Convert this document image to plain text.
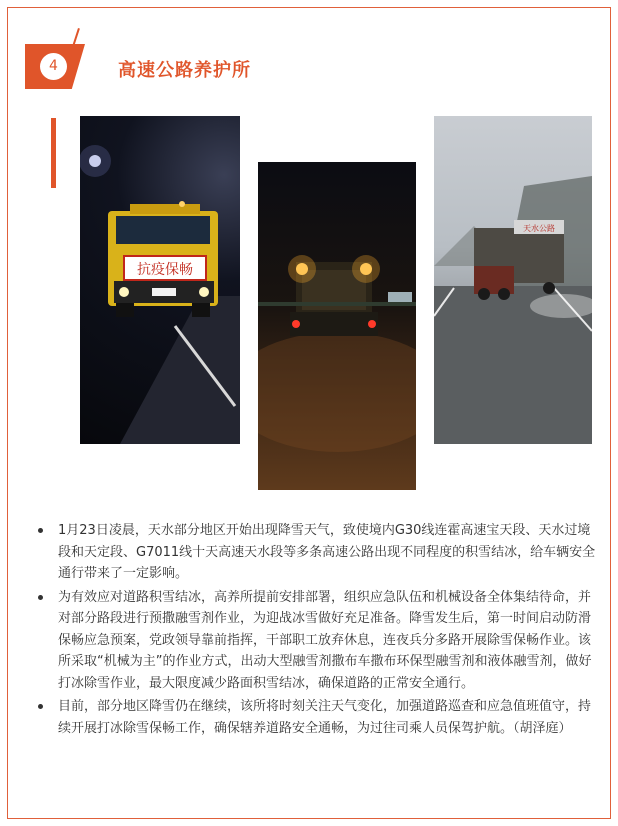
4	高速公路养护所
抗疫保畅
天水公路
1月23日凌晨，天水部分地区开始出现降雪天气，致使境内G30线连霍高速宝天段、天水过境段和天定段、G7011线十天高速天水段等多条高速公路出现不同程度的积雪结冰，给车辆安全通行带来了一定影响。
为有效应对道路积雪结冰，高养所提前安排部署，组织应急队伍和机械设备全体集结待命，并对部分路段进行预撒融雪剂作业，为迎战冰雪做好充足准备。降雪发生后，第一时间启动防滑保畅应急预案，党政领导靠前指挥，干部职工放弃休息，连夜兵分多路开展除雪保畅作业。该所采取“机械为主”的作业方式，出动大型融雪剂撒布车撒布环保型融雪剂和液体融雪剂，做好打冰除雪作业，最大限度减少路面积雪结冰，确保道路的正常安全通行。
目前，部分地区降雪仍在继续，该所将时刻关注天气变化，加强道路巡查和应急值班值守，持续开展打冰除雪保畅工作，确保辖养道路安全通畅，为过往司乘人员保驾护航。（胡泽庭）
